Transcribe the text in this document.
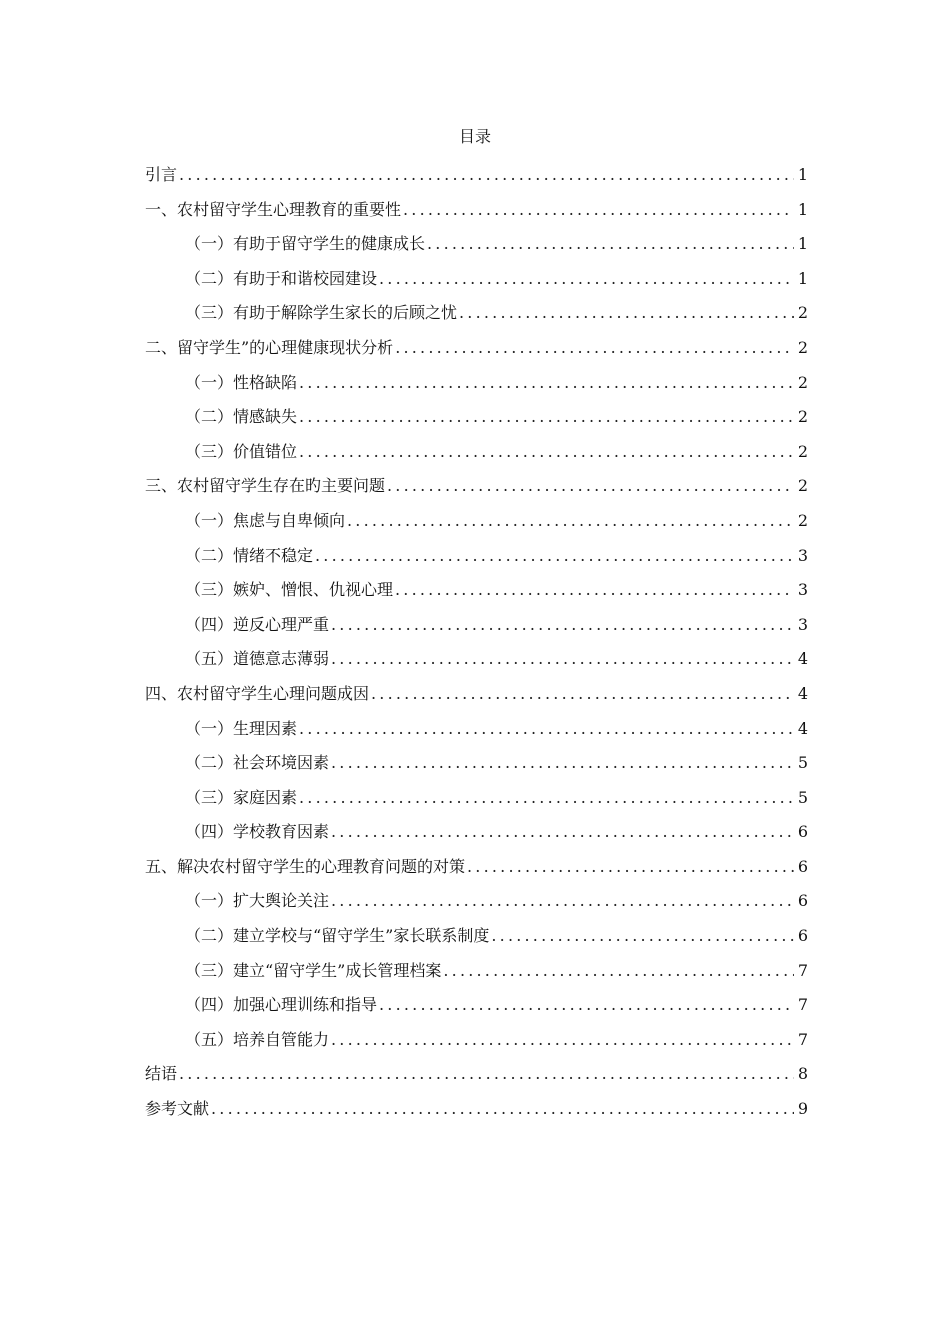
目录
引言 .....	1
一、农村留守学生心理教育的重要性 .....	1
（一）有助于留守学生的健康成长 .....	1
（二）有助于和谐校园建设 .....	1
（三）有助于解除学生家长的后顾之忧 .....	2
二、留守学生”的心理健康现状分析 .....	2
（一）性格缺陷 .....	2
（二）情感缺失 .....	2
（三）价值错位 .....	2
三、农村留守学生存在旳主要问题 .....	2
（一）焦虑与自卑倾向 .....	2
（二）情绪不稳定 .....	3
（三）嫉妒、憎恨、仇视心理 .....	3
（四）逆反心理严重 .....	3
（五）道德意志薄弱 .....	4
四、农村留守学生心理问题成因 .....	4
（一）生理因素 .....	4
（二）社会环境因素 .....	5
（三）家庭因素 .....	5
（四）学校教育因素 .....	6
五、解决农村留守学生的心理教育问题的对策 .....	6
（一）扩大舆论关注 .....	6
（二）建立学校与“留守学生”家长联系制度 .....	6
（三）建立“留守学生”成长管理档案 .....	7
（四）加强心理训练和指导 .....	7
（五）培养自管能力 .....	7
结语 .....	8
参考文献 .....	9
